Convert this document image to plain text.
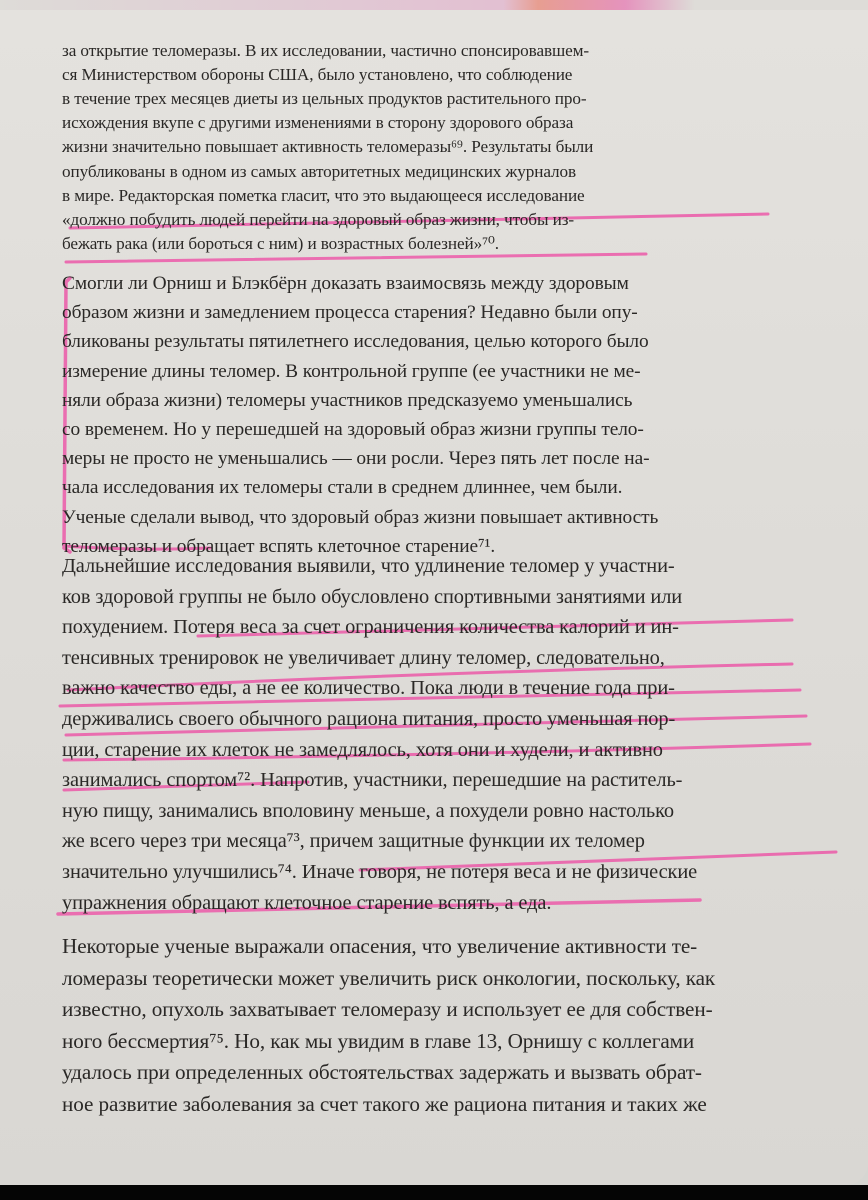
за открытие теломеразы. В их исследовании, частично спонсировавшем-
ся Министерством обороны США, было установлено, что соблюдение
в течение трех месяцев диеты из цельных продуктов растительного про-
исхождения вкупе с другими изменениями в сторону здорового образа
жизни значительно повышает активность теломеразы⁶⁹. Результаты были
опубликованы в одном из самых авторитетных медицинских журналов
в мире. Редакторская пометка гласит, что это выдающееся исследование
«должно побудить людей перейти на здоровый образ жизни, чтобы из-
бежать рака (или бороться с ним) и возрастных болезней»⁷⁰.
Смогли ли Орниш и Блэкбёрн доказать взаимосвязь между здоровым
образом жизни и замедлением процесса старения? Недавно были опу-
бликованы результаты пятилетнего исследования, целью которого было
измерение длины теломер. В контрольной группе (ее участники не ме-
няли образа жизни) теломеры участников предсказуемо уменьшались
со временем. Но у перешедшей на здоровый образ жизни группы тело-
меры не просто не уменьшались — они росли. Через пять лет после на-
чала исследования их теломеры стали в среднем длиннее, чем были.
Ученые сделали вывод, что здоровый образ жизни повышает активность
теломеразы и обращает вспять клеточное старение⁷¹.
Дальнейшие исследования выявили, что удлинение теломер у участни-
ков здоровой группы не было обусловлено спортивными занятиями или
похудением. Потеря веса за счет ограничения количества калорий и ин-
тенсивных тренировок не увеличивает длину теломер, следовательно,
важно качество еды, а не ее количество. Пока люди в течение года при-
держивались своего обычного рациона питания, просто уменьшая пор-
ции, старение их клеток не замедлялось, хотя они и худели, и активно
занимались спортом⁷². Напротив, участники, перешедшие на раститель-
ную пищу, занимались вполовину меньше, а похудели ровно настолько
же всего через три месяца⁷³, причем защитные функции их теломер
значительно улучшились⁷⁴. Иначе говоря, не потеря веса и не физические
упражнения обращают клеточное старение вспять, а еда.
Некоторые ученые выражали опасения, что увеличение активности те-
ломеразы теоретически может увеличить риск онкологии, поскольку, как
известно, опухоль захватывает теломеразу и использует ее для собствен-
ного бессмертия⁷⁵. Но, как мы увидим в главе 13, Орнишу с коллегами
удалось при определенных обстоятельствах задержать и вызвать обрат-
ное развитие заболевания за счет такого же рациона питания и таких же
